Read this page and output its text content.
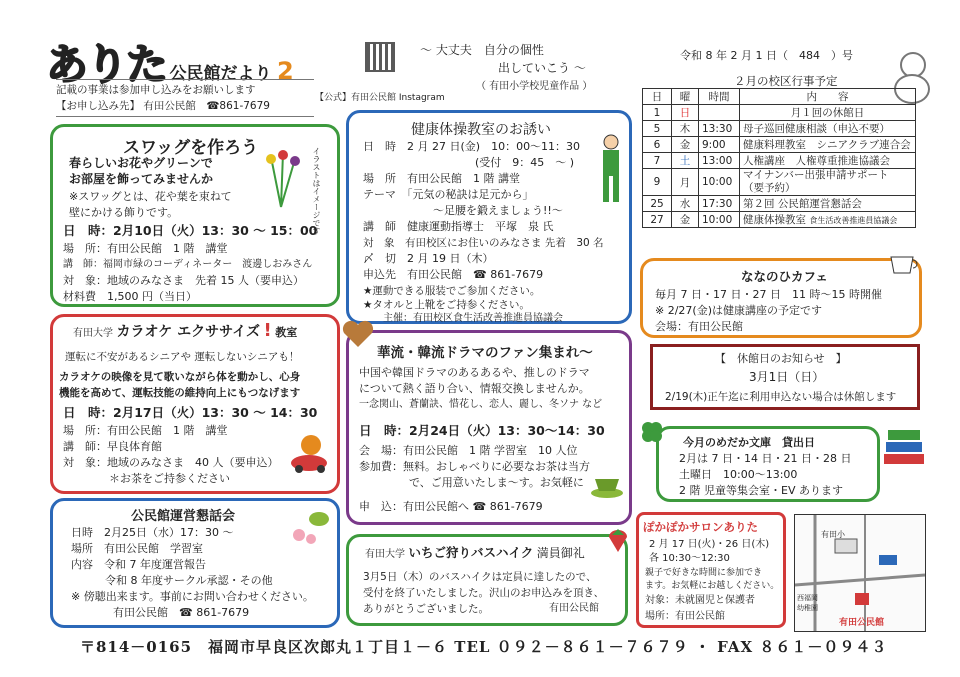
ありた 公民館だより 2
【公式】有田公民館 Instagram
～ 大丈夫　自分の個性
出していこう ～
（ 有田小学校児童作品 ）
令和 8 年 2 月 1 日（　484　）号
記載の事業は参加申し込みをお願いします
【お申し込み先】 有田公民館　☎861-7679
スワッグを作ろう
春らしいお花やグリーンで
お部屋を飾ってみませんか
※スワッグとは、花や葉を束ねて
壁にかける飾りです。	イラストはイメージです
日　時：2月10日（火）13：30 ～ 15：00
場　所：有田公民館　1 階　講堂
講　師：福岡市緑のコーディネーター　渡邊しおみさん
対　象：地域のみなさま　先着 15 人（要申込）
材料費　1,500 円（当日）
有田大学 カラオケ エクササイズ ! 教室
運転に不安があるシニアや 運転しないシニアも！
カラオケの映像を見て歌いながら体を動かし、心身
機能を高めて、運転技能の維持向上にもつなげます
日　時：2月17日（火）13：30 ～ 14：30
場　所：有田公民館　1 階　講堂
講　師：早良体育館
対　象：地域のみなさま　40 人（要申込）
＊お茶をご持参ください
公民館運営懇話会
日時　2月25日（水）17：30 ～
場所　有田公民館　学習室
内容　令和 7 年度運営報告
令和 8 年度サークル承認・その他
※ 傍聴出来ます。事前にお問い合わせください。
有田公民館　☎ 861-7679
健康体操教室のお誘い
日　時　2 月 27 日(金)　10：00～11：30
(受付　9：45　～ )
場　所　有田公民館　1 階 講堂
テーマ　「元気の秘訣は足元から」
～足腰を鍛えましょう!!～
講　師　健康運動指導士　平塚　泉 氏
対　象　有田校区にお住いのみなさま 先着　30 名
〆　切　2 月 19 日（木）
申込先　有田公民館　☎ 861-7679
★運動できる服装でご参加ください。
★タオルと上靴をご持参ください。
主催：有田校区食生活改善推進員協議会
華流・韓流ドラマのファン集まれ～
中国や韓国ドラマのあるあるや、推しのドラマ
について熱く語り合い、情報交換しませんか。
一念関山、蒼蘭訣、惜花し、恋人、麗し、冬ソナ など
日　時：2月24日（火）13：30～14：30
会　場：有田公民館　1 階 学習室　10 人位
参加費：無料。おしゃべりに必要なお茶は当方
で、ご用意いたしま～す。お気軽に
申　込：有田公民館へ ☎ 861-7679
有田大学 いちご狩りバスハイク 満員御礼
3月5日（木）のバスハイクは定員に達したので、
受付を終了いたしました。沢山のお申込みを頂き、
ありがとうございました。	有田公民館
２月の校区行事予定
日	曜	時間	内　　容
1	日		月１回の休館日
5	木	13:30	母子巡回健康相談（申込不要）
6	金	9:00	健康料理教室　シニアクラブ連合会
7	土	13:00	人権講座　人権尊重推進協議会
9	月	10:00	マイナンバー出張申請サポート
（要予約）

25	水	17:30	第２回 公民館運営懇話会
27	金	10:00	健康体操教室 食生活改善推進員協議会
ななのひカフェ
毎月 7 日・17 日・27 日　11 時～15 時開催
※ 2/27(金)は健康講座の予定です
会場：有田公民館
【　休館日のお知らせ　】
3月1日（日）
2/19(木)正午迄に利用申込ない場合は休館します
今月のめだか文庫　貸出日
2月は 7 日・14 日・21 日・28 日
土曜日　10:00～13:00
2 階 児童等集会室・EV あります
ぽかぽかサロンありた
2 月 17 日(火)・26 日(木)
各 10:30～12:30
親子で好きな時間に参加でき
ます。お気軽にお越しください。
対象：未就園児と保護者
場所：有田公民館
有田小
西福岡
幼稚園
有田公民館
〒814－0165　福岡市早良区次郎丸１丁目１－６ TEL ０９２－８６１－７６７９ ・ FAX ８６１－０９４３
